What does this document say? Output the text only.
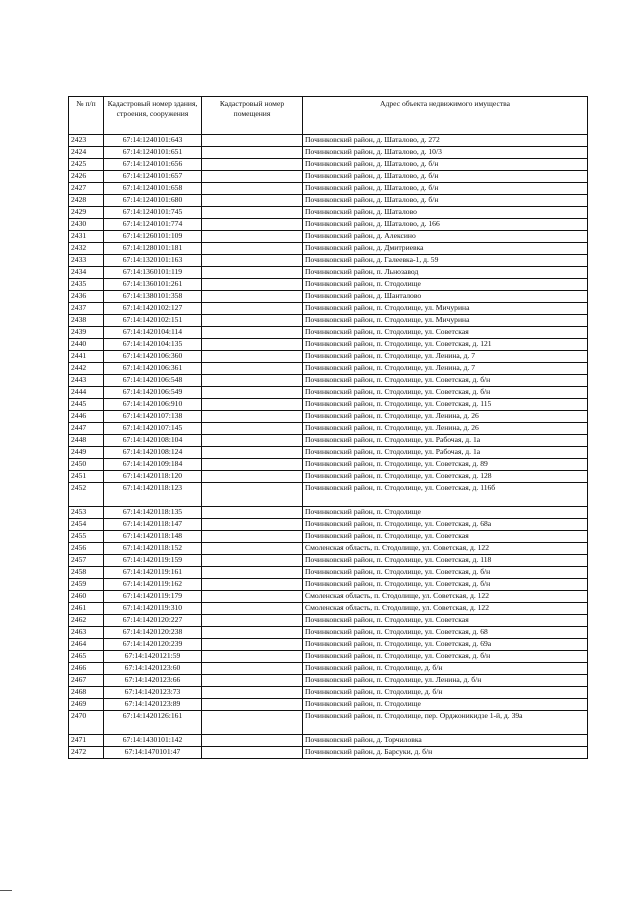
№ п/п	Кадастровый номер здания, строения, сооружения	Кадастровый номер помещения	Адрес объекта недвижимого имущества
2423	67:14:1240101:643		Починковский район, д. Шаталово, д. 272
2424	67:14:1240101:651		Починковский район, д. Шаталово, д. 10/3
2425	67:14:1240101:656		Починковский район, д. Шаталово, д. б/н
2426	67:14:1240101:657		Починковский район, д. Шаталово, д. б/н
2427	67:14:1240101:658		Починковский район, д. Шаталово, д. б/н
2428	67:14:1240101:680		Починковский район, д. Шаталово, д. б/н
2429	67:14:1240101:745		Починковский район, д. Шаталово
2430	67:14:1240101:774		Починковский район, д. Шаталово, д. 166
2431	67:14:1260101:109		Починковский район, д. Алексино
2432	67:14:1280101:181		Починковский район, д. Дмитриевка
2433	67:14:1320101:163		Починковский район, д. Галеевка-1, д. 59
2434	67:14:1360101:119		Починковский район, п. Льнозавод
2435	67:14:1360101:261		Починковский район, п. Стодолище
2436	67:14:1380101:358		Починковский район, д. Шанталово
2437	67:14:1420102:127		Починковский район, п. Стодолище, ул. Мичурина
2438	67:14:1420102:151		Починковский район, п. Стодолище, ул. Мичурина
2439	67:14:1420104:114		Починковский район, п. Стодолище, ул. Советская
2440	67:14:1420104:135		Починковский район, п. Стодолище, ул. Советская, д. 121
2441	67:14:1420106:360		Починковский район, п. Стодолище, ул. Ленина, д. 7
2442	67:14:1420106:361		Починковский район, п. Стодолище, ул. Ленина, д. 7
2443	67:14:1420106:548		Починковский район, п. Стодолище, ул. Советская, д. б/н
2444	67:14:1420106:549		Починковский район, п. Стодолище, ул. Советская, д. б/н
2445	67:14:1420106:910		Починковский район, п. Стодолище, ул. Советская, д. 115
2446	67:14:1420107:138		Починковский район, п. Стодолище, ул. Ленина, д. 26
2447	67:14:1420107:145		Починковский район, п. Стодолище, ул. Ленина, д. 26
2448	67:14:1420108:104		Починковский район, п. Стодолище, ул. Рабочая, д. 1а
2449	67:14:1420108:124		Починковский район, п. Стодолище, ул. Рабочая, д. 1а
2450	67:14:1420109:184		Починковский район, п. Стодолище, ул. Советская, д. 89
2451	67:14:1420118:120		Починковский район, п. Стодолище, ул. Советская, д. 128
2452	67:14:1420118:123		Починковский район, п. Стодолище, ул. Советская, д. 116б
2453	67:14:1420118:135		Починковский район, п. Стодолище
2454	67:14:1420118:147		Починковский район, п. Стодолище, ул. Советская, д. 68а
2455	67:14:1420118:148		Починковский район, п. Стодолище, ул. Советская
2456	67:14:1420118:152		Смоленская область, п. Стодолище, ул. Советская, д. 122
2457	67:14:1420119:159		Починковский район, п. Стодолище, ул. Советская, д. 118
2458	67:14:1420119:161		Починковский район, п. Стодолище, ул. Советская, д. б/н
2459	67:14:1420119:162		Починковский район, п. Стодолище, ул. Советская, д. б/н
2460	67:14:1420119:179		Смоленская область, п. Стодолище, ул. Советская, д. 122
2461	67:14:1420119:310		Смоленская область, п. Стодолище, ул. Советская, д. 122
2462	67:14:1420120:227		Починковский район, п. Стодолище, ул. Советская
2463	67:14:1420120:238		Починковский район, п. Стодолище, ул. Советская, д. 68
2464	67:14:1420120:239		Починковский район, п. Стодолище, ул. Советская, д. 69а
2465	67:14:1420121:59		Починковский район, п. Стодолище, ул. Советская, д. б/н
2466	67:14:1420123:60		Починковский район, п. Стодолище, д. б/н
2467	67:14:1420123:66		Починковский район, п. Стодолище, ул. Ленина, д. б/н
2468	67:14:1420123:73		Починковский район, п. Стодолище, д. б/н
2469	67:14:1420123:89		Починковский район, п. Стодолище
2470	67:14:1420126:161		Починковский район, п. Стодолище, пер. Орджоникидзе 1-й, д. 39а
2471	67:14:1430101:142		Починковский район, д. Торчиловка
2472	67:14:1470101:47		Починковский район, д. Барсуки, д. б/н
